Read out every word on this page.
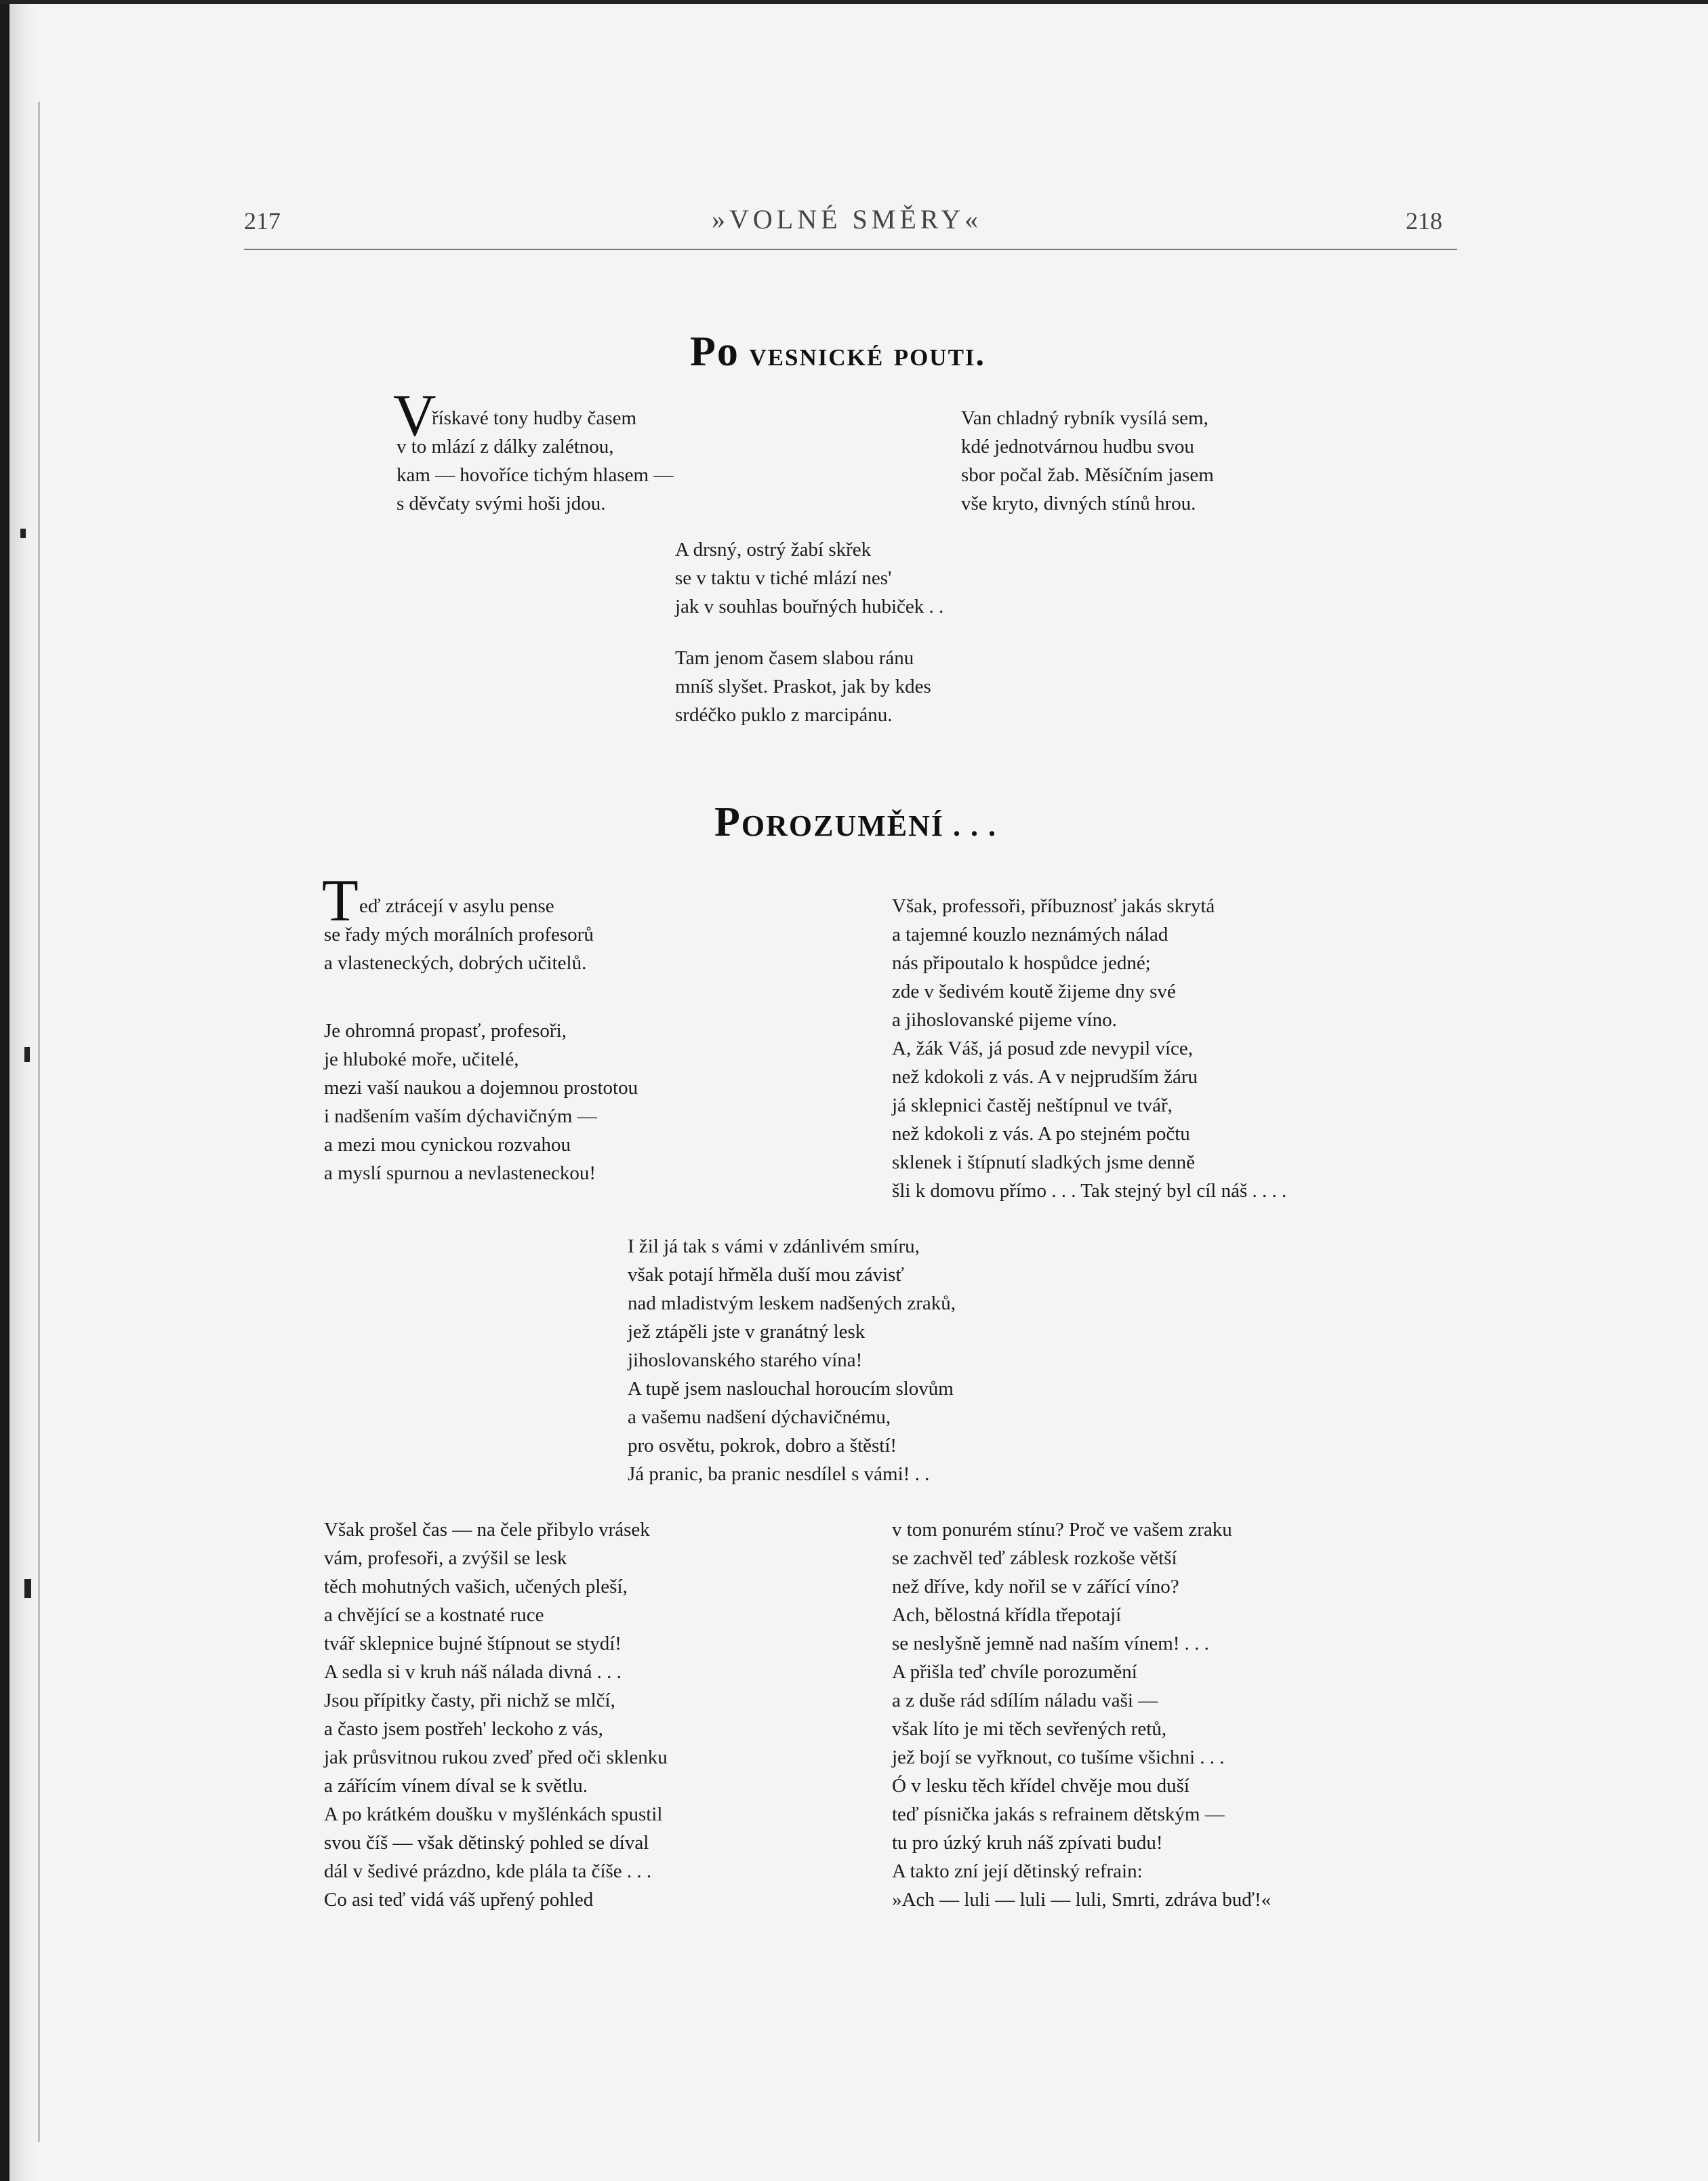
217	»VOLNÉ SMĚRY«	218
Po vesnické pouti.
V
řískavé tony hudby časem
v to mlází z dálky zalétnou,
kam — hovoříce tichým hlasem —
s děvčaty svými hoši jdou.
Van chladný rybník vysílá sem,
kdé jednotvárnou hudbu svou
sbor počal žab. Měsíčním jasem
vše kryto, divných stínů hrou.
A drsný, ostrý žabí skřek
se v taktu v tiché mlází nes'
jak v souhlas bouřných hubiček . .
Tam jenom časem slabou ránu
mníš slyšet. Praskot, jak by kdes
srdéčko puklo z marcipánu.
POROZUMĚNÍ . . .
T eď ztrácejí v asylu pense
se řady mých morálních profesorů
a vlasteneckých, dobrých učitelů.
Je ohromná propasť, profesoři,
je hluboké moře, učitelé,
mezi vaší naukou a dojemnou prostotou
i nadšením vaším dýchavičným —
a mezi mou cynickou rozvahou
a myslí spurnou a nevlasteneckou!
Však, professoři, příbuznosť jakás skrytá
a tajemné kouzlo neznámých nálad
nás připoutalo k hospůdce jedné;
zde v šedivém koutě žijeme dny své
a jihoslovanské pijeme víno.
A, žák Váš, já posud zde nevypil více,
než kdokoli z vás. A v nejprudším žáru
já sklepnici častěj neštípnul ve tvář,
než kdokoli z vás. A po stejném počtu
sklenek i štípnutí sladkých jsme denně
šli k domovu přímo . . . Tak stejný byl cíl náš . . . .
I žil já tak s vámi v zdánlivém smíru,
však potají hřměla duší mou závisť
nad mladistvým leskem nadšených zraků,
jež ztápěli jste v granátný lesk
jihoslovanského starého vína!
A tupě jsem naslouchal horoucím slovům
a vašemu nadšení dýchavičnému,
pro osvětu, pokrok, dobro a štěstí!
Já pranic, ba pranic nesdílel s vámi! . .
Však prošel čas — na čele přibylo vrásek
vám, profesoři, a zvýšil se lesk
těch mohutných vašich, učených pleší,
a chvějící se a kostnaté ruce
tvář sklepnice bujné štípnout se stydí!
A sedla si v kruh náš nálada divná . . .
Jsou přípitky časty, při nichž se mlčí,
a často jsem postřeh' leckoho z vás,
jak průsvitnou rukou zveď před oči sklenku
a zářícím vínem díval se k světlu.
A po krátkém doušku v myšlénkách spustil
svou číš — však dětinský pohled se díval
dál v šedivé prázdno, kde plála ta číše . . .
Co asi teď vidá váš upřený pohled
v tom ponurém stínu? Proč ve vašem zraku
se zachvěl teď záblesk rozkoše větší
než dříve, kdy nořil se v zářící víno?
Ach, bělostná křídla třepotají
se neslyšně jemně nad naším vínem! . . .
A přišla teď chvíle porozumění
a z duše rád sdílím náladu vaši —
však líto je mi těch sevřených retů,
jež bojí se vyřknout, co tušíme všichni . . .
Ó v lesku těch křídel chvěje mou duší
teď písnička jakás s refrainem dětským —
tu pro úzký kruh náš zpívati budu!
A takto zní její dětinský refrain:
»Ach — luli — luli — luli, Smrti, zdráva buď!«
